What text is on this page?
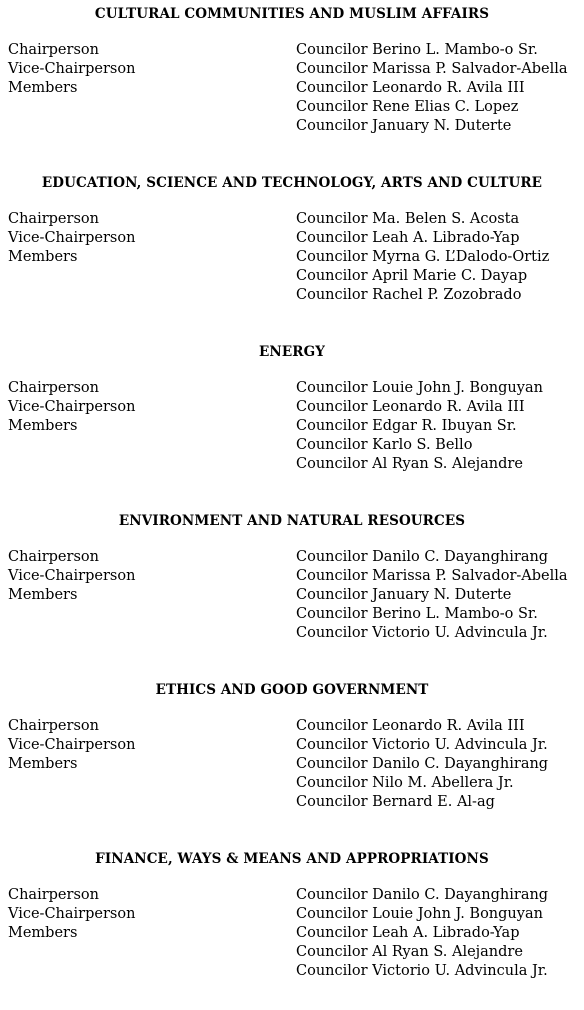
CULTURAL COMMUNITIES AND MUSLIM AFFAIRS
Chairperson
Vice-Chairperson
Members
Councilor Berino L. Mambo-o Sr.
Councilor Marissa P. Salvador-Abella
Councilor Leonardo R. Avila III
Councilor Rene Elias C. Lopez
Councilor January N. Duterte
EDUCATION, SCIENCE AND TECHNOLOGY, ARTS AND CULTURE
Chairperson
Vice-Chairperson
Members
Councilor Ma. Belen S. Acosta
Councilor Leah A. Librado-Yap
Councilor Myrna G. L’Dalodo-Ortiz
Councilor April Marie C. Dayap
Councilor Rachel P. Zozobrado
ENERGY
Chairperson
Vice-Chairperson
Members
Councilor Louie John J. Bonguyan
Councilor Leonardo R. Avila III
Councilor Edgar R. Ibuyan Sr.
Councilor Karlo S. Bello
Councilor Al Ryan S. Alejandre
ENVIRONMENT AND NATURAL RESOURCES
Chairperson
Vice-Chairperson
Members
Councilor Danilo C. Dayanghirang
Councilor Marissa P. Salvador-Abella
Councilor January N. Duterte
Councilor Berino L. Mambo-o Sr.
Councilor Victorio U. Advincula Jr.
ETHICS AND GOOD GOVERNMENT
Chairperson
Vice-Chairperson
Members
Councilor Leonardo R. Avila III
Councilor Victorio U. Advincula Jr.
Councilor Danilo C. Dayanghirang
Councilor Nilo M. Abellera Jr.
Councilor Bernard E. Al-ag
FINANCE, WAYS & MEANS AND APPROPRIATIONS
Chairperson
Vice-Chairperson
Members
Councilor Danilo C. Dayanghirang
Councilor Louie John J. Bonguyan
Councilor Leah A. Librado-Yap
Councilor Al Ryan S. Alejandre
Councilor Victorio U. Advincula Jr.
